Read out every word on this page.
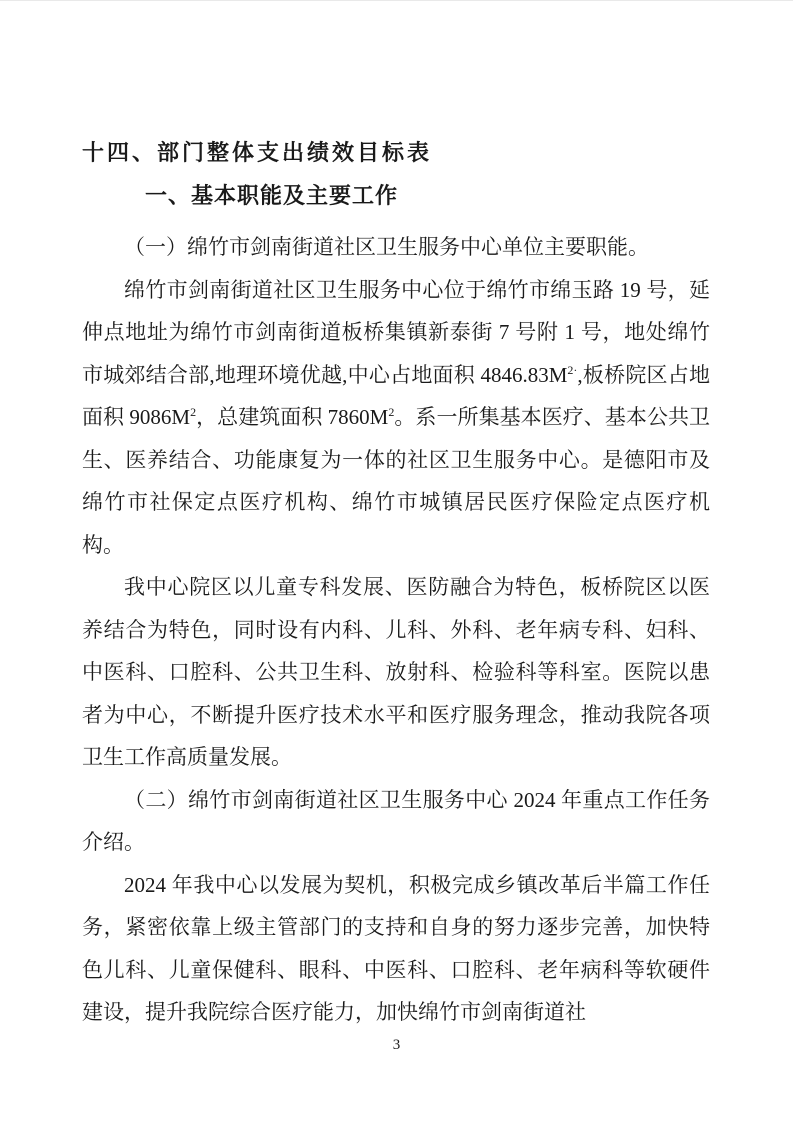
十四、部门整体支出绩效目标表
一、基本职能及主要工作

（一）绵竹市剑南街道社区卫生服务中心单位主要职能。

绵竹市剑南街道社区卫生服务中心位于绵竹市绵玉路 19 号，延伸点地址为绵竹市剑南街道板桥集镇新泰街 7 号附 1 号，地处绵竹市城郊结合部,地理环境优越,中心占地面积 $4846.83M^{2\cdot}$,板桥院区占地面积 $9086M^2$，总建筑面积 $7860M^2$。系一所集基本医疗、基本公共卫生、医养结合、功能康复为一体的社区卫生服务中心。是德阳市及绵竹市社保定点医疗机构、绵竹市城镇居民医疗保险定点医疗机构。

我中心院区以儿童专科发展、医防融合为特色，板桥院区以医养结合为特色，同时设有内科、儿科、外科、老年病专科、妇科、中医科、口腔科、公共卫生科、放射科、检验科等科室。医院以患者为中心，不断提升医疗技术水平和医疗服务理念，推动我院各项卫生工作高质量发展。

（二）绵竹市剑南街道社区卫生服务中心 2024 年重点工作任务介绍。

2024 年我中心以发展为契机，积极完成乡镇改革后半篇工作任务，紧密依靠上级主管部门的支持和自身的努力逐步完善，加快特色儿科、儿童保健科、眼科、中医科、口腔科、老年病科等软硬件建设，提升我院综合医疗能力，加快绵竹市剑南街道社

3
